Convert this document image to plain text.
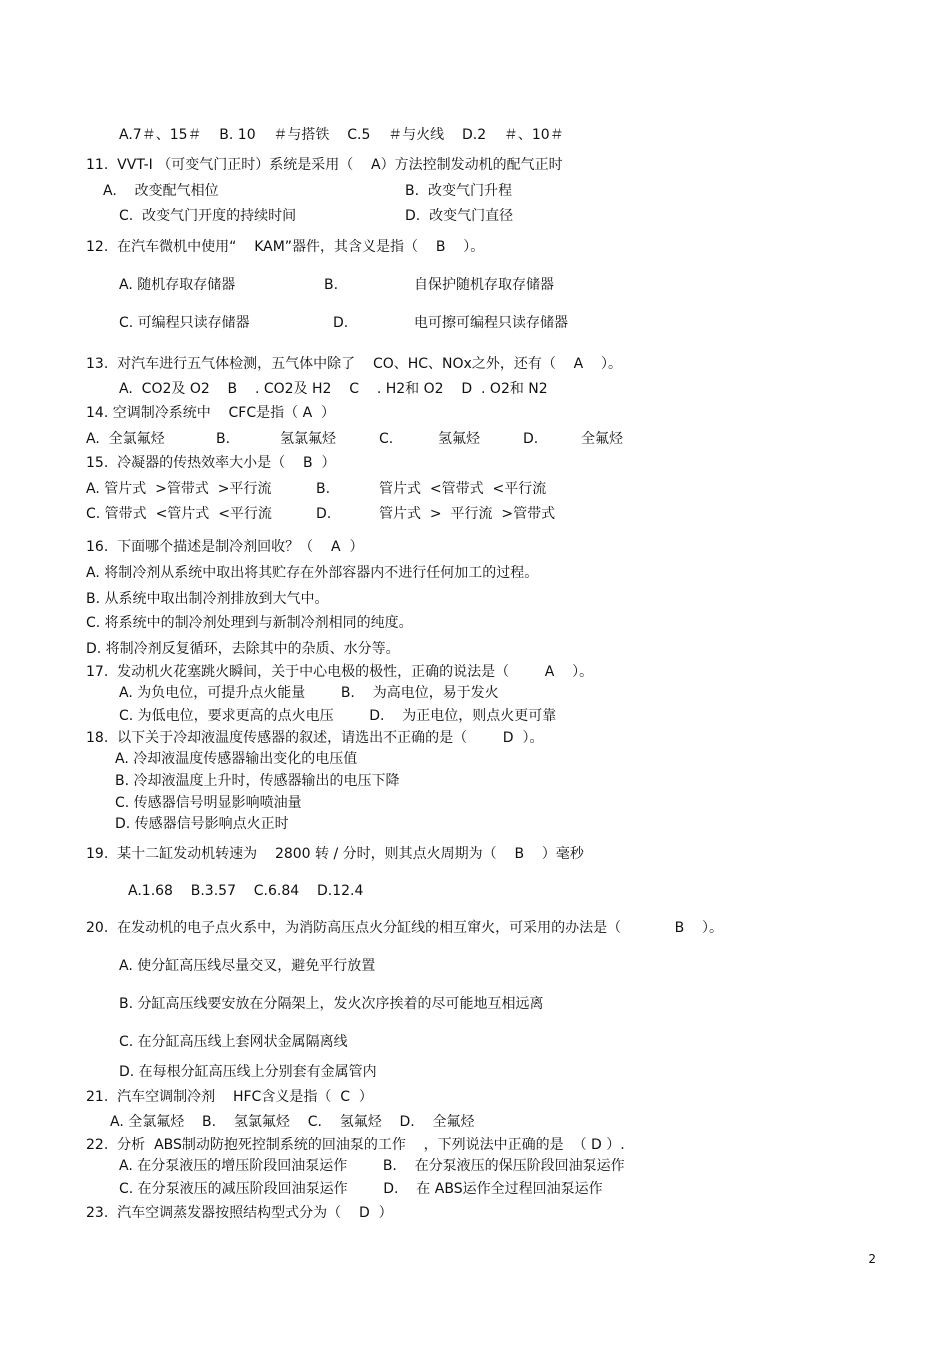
A.7＃、15＃    B. 10    ＃与搭铁    C.5    ＃与火线    D.2    ＃、10＃
11.  VVT-I （可变气门正时）系统是采用（    A）方法控制发动机的配气正时
A.    改变配气相位	B.  改变气门升程
C.  改变气门开度的持续时间	D.  改变气门直径
12.  在汽车微机中使用“    KAM”器件，其含义是指（    B    ）。
A. 随机存取存储器	B.	自保护随机存取存储器
C. 可编程只读存储器	D.	电可擦可编程只读存储器
13.  对汽车进行五气体检测，五气体中除了    CO、HC、NOx之外，还有（    A    ）。
A.  CO2及 O2    B    . CO2及 H2    C    . H2和 O2    D  . O2和 N2
14. 空调制冷系统中    CFC是指（ A  ）
A.  全氯氟烃	B.	氢氯氟烃	C.	氢氟烃	D.	全氟烃
15.  冷凝器的传热效率大小是（    B  ）
A. 管片式  >管带式  >平行流	B.	管片式  <管带式  <平行流
C. 管带式  <管片式  <平行流	D.	管片式  >  平行流  >管带式
16.  下面哪个描述是制冷剂回收？（    A  ）
A. 将制冷剂从系统中取出将其贮存在外部容器内不进行任何加工的过程。
B. 从系统中取出制冷剂排放到大气中。
C. 将系统中的制冷剂处理到与新制冷剂相同的纯度。
D. 将制冷剂反复循环，去除其中的杂质、水分等。
17.  发动机火花塞跳火瞬间，关于中心电极的极性，正确的说法是（        A    ）。
A. 为负电位，可提升点火能量        B.    为高电位，易于发火
C. 为低电位，要求更高的点火电压        D.    为正电位，则点火更可靠
18.  以下关于冷却液温度传感器的叙述，请选出不正确的是（        D  ）。
A. 冷却液温度传感器输出变化的电压值
B. 冷却液温度上升时，传感器输出的电压下降
C. 传感器信号明显影响喷油量
D. 传感器信号影响点火正时
19.  某十二缸发动机转速为    2800 转 / 分时，则其点火周期为（    B    ）毫秒
A.1.68    B.3.57    C.6.84    D.12.4
20.  在发动机的电子点火系中，为消防高压点火分缸线的相互窜火，可采用的办法是（            B    ）。
A. 使分缸高压线尽量交叉，避免平行放置
B. 分缸高压线要安放在分隔架上，发火次序挨着的尽可能地互相远离
C. 在分缸高压线上套网状金属隔离线
D. 在每根分缸高压线上分别套有金属管内
21.  汽车空调制冷剂    HFC含义是指（  C  ）
A. 全氯氟烃    B.    氢氯氟烃    C.    氢氟烃    D.    全氟烃
22.  分析  ABS制动防抱死控制系统的回油泵的工作    ，下列说法中正确的是  （ D ）.
A. 在分泵液压的增压阶段回油泵运作        B.    在分泵液压的保压阶段回油泵运作
C. 在分泵液压的减压阶段回油泵运作        D.    在 ABS运作全过程回油泵运作
23.  汽车空调蒸发器按照结构型式分为（    D  ）
2
